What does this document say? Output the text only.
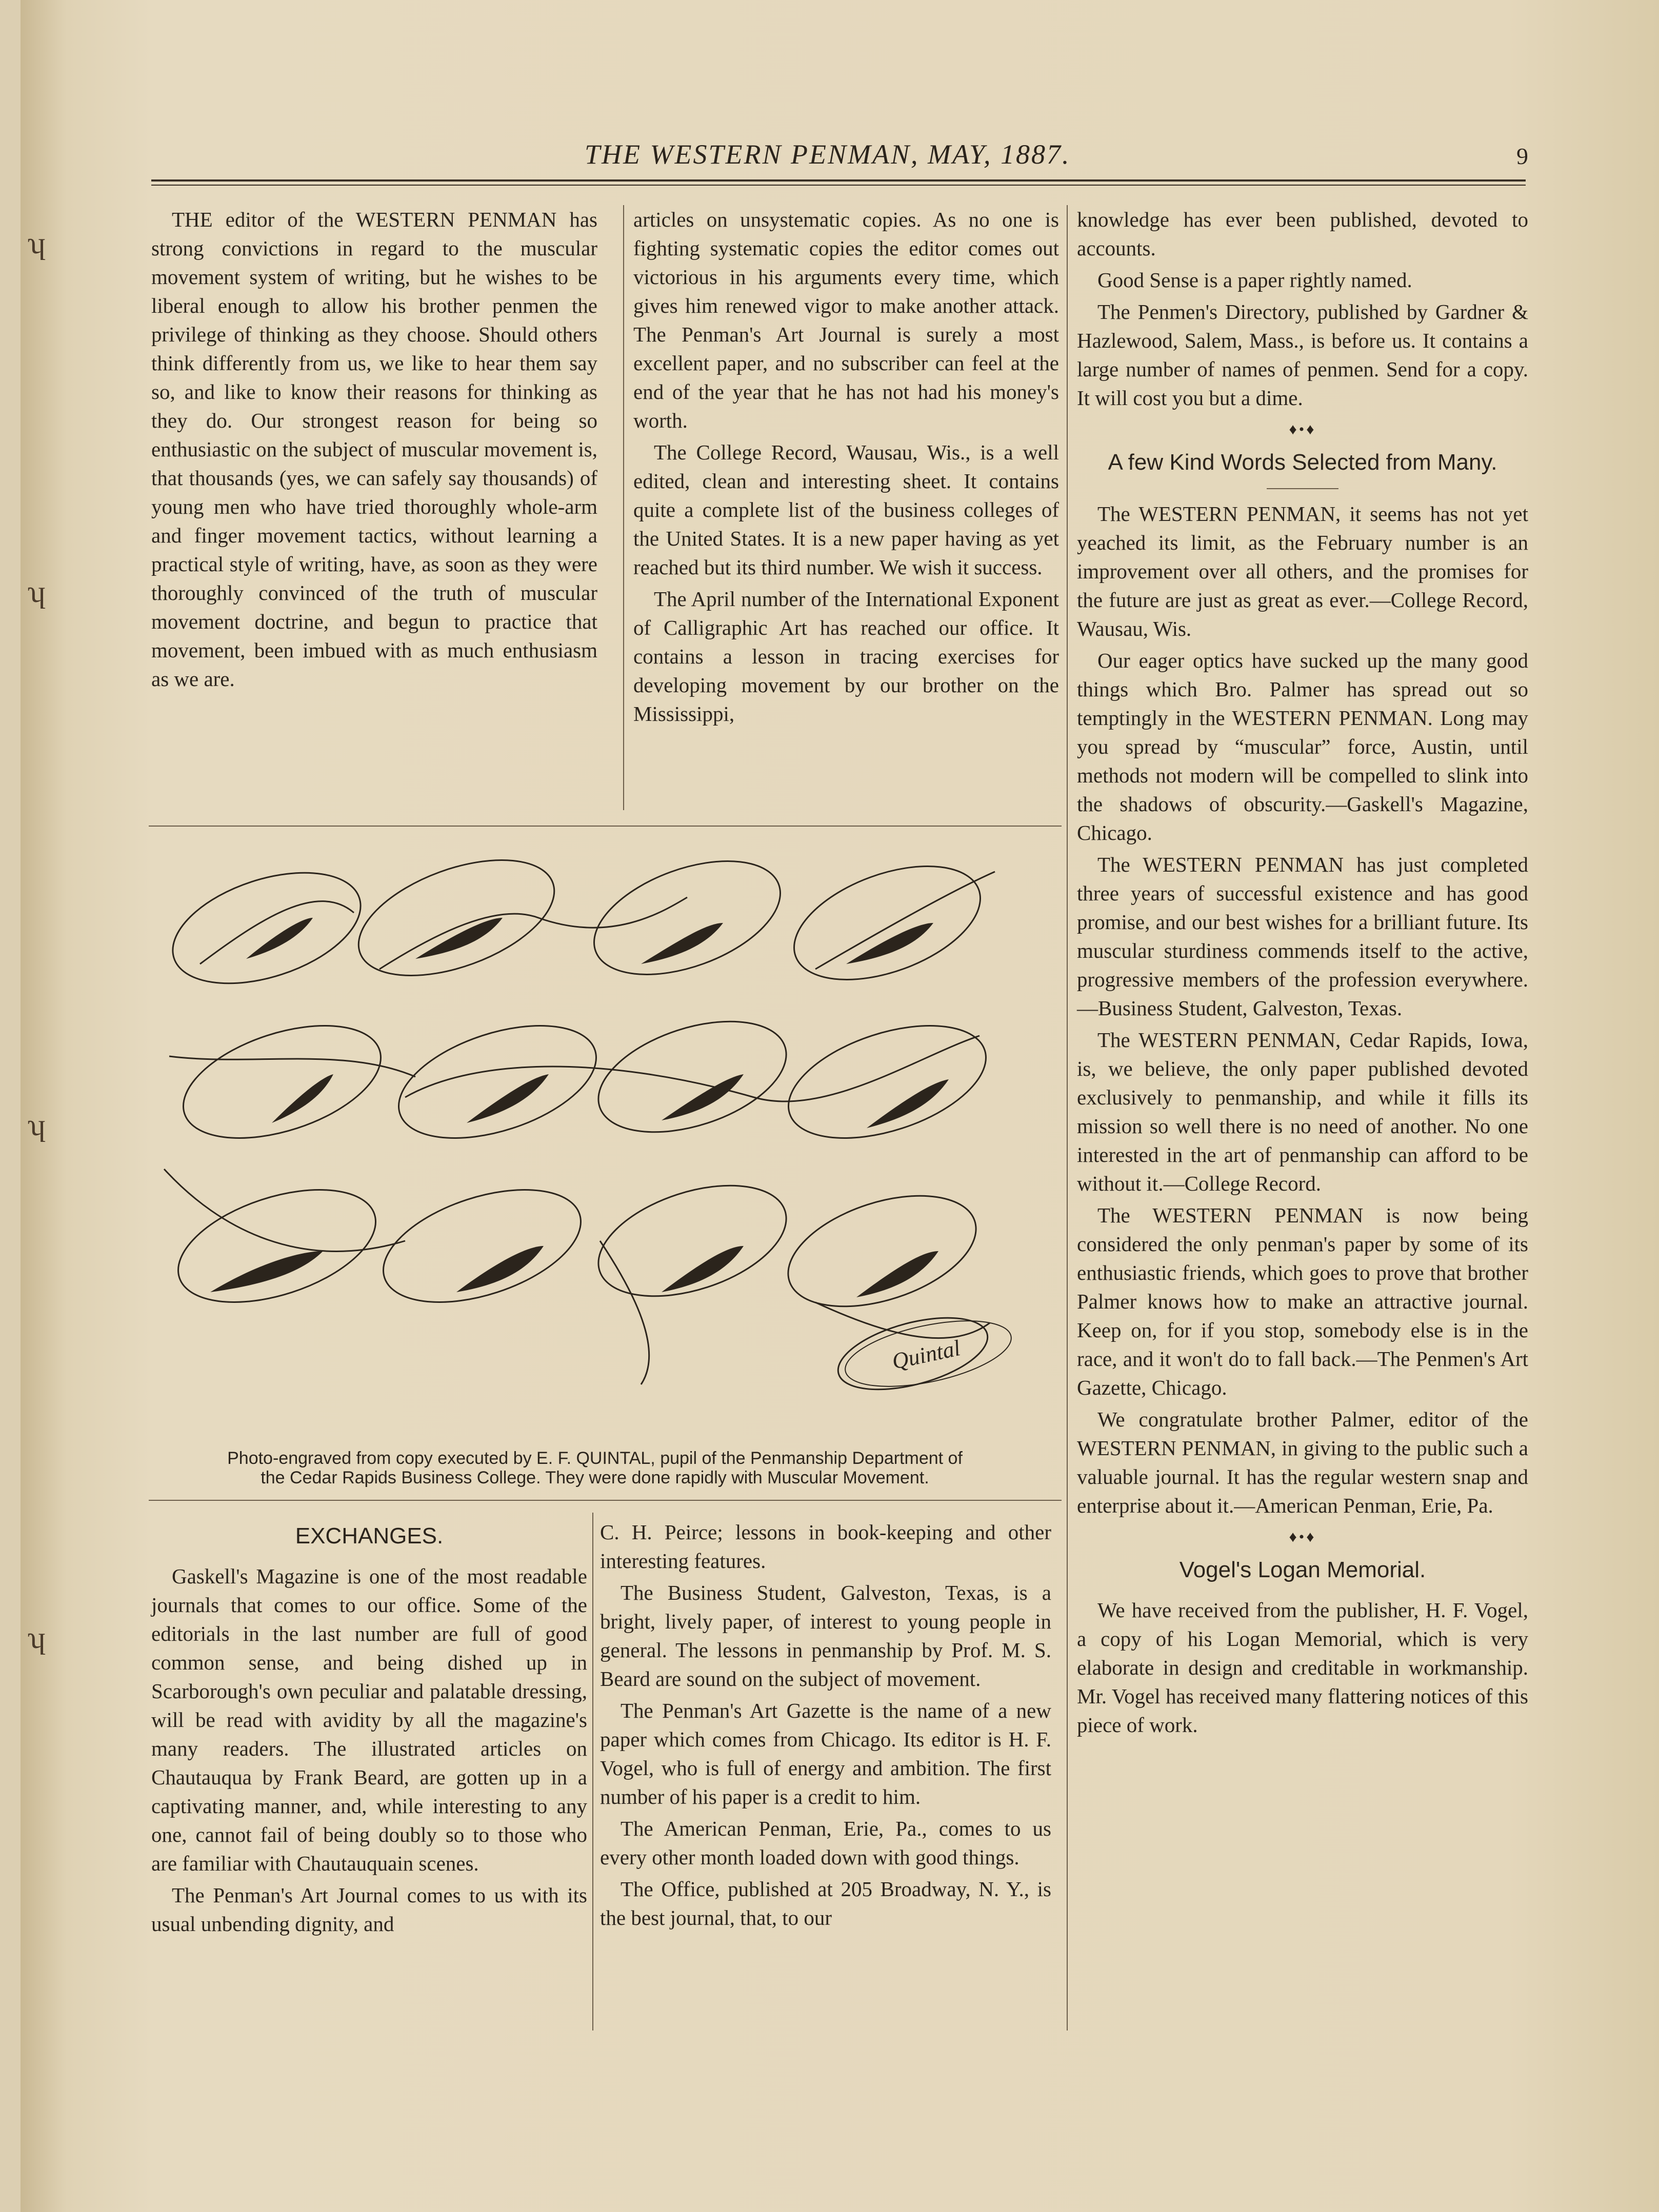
ʮ
ʮ
ʮ
ʮ
THE WESTERN PENMAN, MAY, 1887.	9

THE editor of the WESTERN PENMAN has strong convictions in regard to the muscular movement system of writing, but he wishes to be liberal enough to allow his brother penmen the privilege of thinking as they choose. Should others think differently from us, we like to hear them say so, and like to know their reasons for thinking as they do. Our strongest reason for being so enthusiastic on the subject of muscular movement is, that thousands (yes, we can safely say thousands) of young men who have tried thoroughly whole-arm and finger movement tactics, without learning a practical style of writing, have, as soon as they were thoroughly convinced of the truth of muscular movement doctrine, and begun to practice that movement, been imbued with as much enthusiasm as we are.

articles on unsystematic copies. As no one is fighting systematic copies the editor comes out victorious in his arguments every time, which gives him renewed vigor to make another attack. The Penman's Art Journal is surely a most excellent paper, and no subscriber can feel at the end of the year that he has not had his money's worth.

The College Record, Wausau, Wis., is a well edited, clean and interesting sheet. It contains quite a complete list of the business colleges of the United States. It is a new paper having as yet reached but its third number. We wish it success.

The April number of the International Exponent of Calligraphic Art has reached our office. It contains a lesson in tracing exercises for developing movement by our brother on the Mississippi,

knowledge has ever been published, devoted to accounts.

Good Sense is a paper rightly named.

The Penmen's Directory, published by Gardner & Hazlewood, Salem, Mass., is before us. It contains a large number of names of penmen. Send for a copy. It will cost you but a dime.

♦•♦
A few Kind Words Selected from Many.

The WESTERN PENMAN, it seems has not yet yeached its limit, as the February number is an improvement over all others, and the promises for the future are just as great as ever.—College Record, Wausau, Wis.

Our eager optics have sucked up the many good things which Bro. Palmer has spread out so temptingly in the WESTERN PENMAN. Long may you spread by “muscular” force, Austin, until methods not modern will be compelled to slink into the shadows of obscurity.—Gaskell's Magazine, Chicago.

The WESTERN PENMAN has just completed three years of successful existence and has good promise, and our best wishes for a brilliant future. Its muscular sturdiness commends itself to the active, progressive members of the profession everywhere.—Business Student, Galveston, Texas.

The WESTERN PENMAN, Cedar Rapids, Iowa, is, we believe, the only paper published devoted exclusively to penmanship, and while it fills its mission so well there is no need of another. No one interested in the art of penmanship can afford to be without it.—College Record.

The WESTERN PENMAN is now being considered the only penman's paper by some of its enthusiastic friends, which goes to prove that brother Palmer knows how to make an attractive journal. Keep on, for if you stop, somebody else is in the race, and it won't do to fall back.—The Penmen's Art Gazette, Chicago.

We congratulate brother Palmer, editor of the WESTERN PENMAN, in giving to the public such a valuable journal. It has the regular western snap and enterprise about it.—American Penman, Erie, Pa.

♦•♦
Vogel's Logan Memorial.

We have received from the publisher, H. F. Vogel, a copy of his Logan Memorial, which is very elaborate in design and creditable in workmanship. Mr. Vogel has received many flattering notices of this piece of work.

Quintal
Photo-engraved from copy executed by E. F. QUINTAL, pupil of the Penmanship Department of
the Cedar Rapids Business College. They were done rapidly with Muscular Movement.
EXCHANGES.

Gaskell's Magazine is one of the most readable journals that comes to our office. Some of the editorials in the last number are full of good common sense, and being dished up in Scarborough's own peculiar and palatable dressing, will be read with avidity by all the magazine's many readers. The illustrated articles on Chautauqua by Frank Beard, are gotten up in a captivating manner, and, while interesting to any one, cannot fail of being doubly so to those who are familiar with Chautauquain scenes.

The Penman's Art Journal comes to us with its usual unbending dignity, and

C. H. Peirce; lessons in book-keeping and other interesting features.

The Business Student, Galveston, Texas, is a bright, lively paper, of interest to young people in general. The lessons in penmanship by Prof. M. S. Beard are sound on the subject of movement.

The Penman's Art Gazette is the name of a new paper which comes from Chicago. Its editor is H. F. Vogel, who is full of energy and ambition. The first number of his paper is a credit to him.

The American Penman, Erie, Pa., comes to us every other month loaded down with good things.

The Office, published at 205 Broadway, N. Y., is the best journal, that, to our
